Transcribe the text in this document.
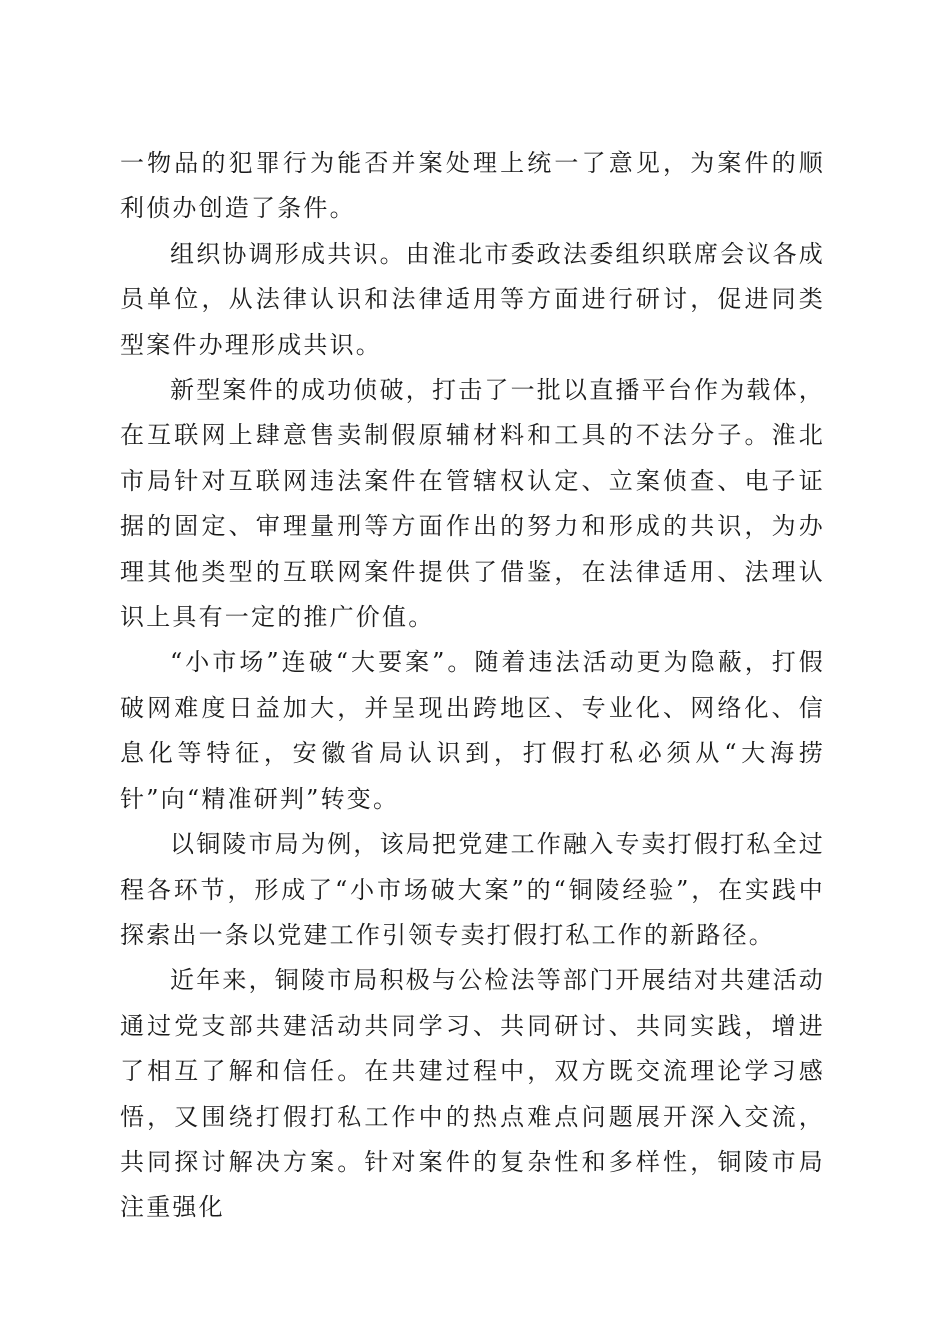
一物品的犯罪行为能否并案处理上统一了意见，为案件的顺利侦办创造了条件。

组织协调形成共识。由淮北市委政法委组织联席会议各成员单位，从法律认识和法律适用等方面进行研讨，促进同类型案件办理形成共识。

新型案件的成功侦破，打击了一批以直播平台作为载体，在互联网上肆意售卖制假原辅材料和工具的不法分子。淮北市局针对互联网违法案件在管辖权认定、立案侦查、电子证据的固定、审理量刑等方面作出的努力和形成的共识，为办理其他类型的互联网案件提供了借鉴，在法律适用、法理认识上具有一定的推广价值。

“小市场”连破“大要案”。随着违法活动更为隐蔽，打假破网难度日益加大，并呈现出跨地区、专业化、网络化、信息化等特征，安徽省局认识到，打假打私必须从“大海捞针”向“精准研判”转变。

以铜陵市局为例，该局把党建工作融入专卖打假打私全过程各环节，形成了“小市场破大案”的“铜陵经验”，在实践中探索出一条以党建工作引领专卖打假打私工作的新路径。

近年来，铜陵市局积极与公检法等部门开展结对共建活动通过党支部共建活动共同学习、共同研讨、共同实践，增进了相互了解和信任。在共建过程中，双方既交流理论学习感悟，又围绕打假打私工作中的热点难点问题展开深入交流，共同探讨解决方案。针对案件的复杂性和多样性，铜陵市局注重强化
